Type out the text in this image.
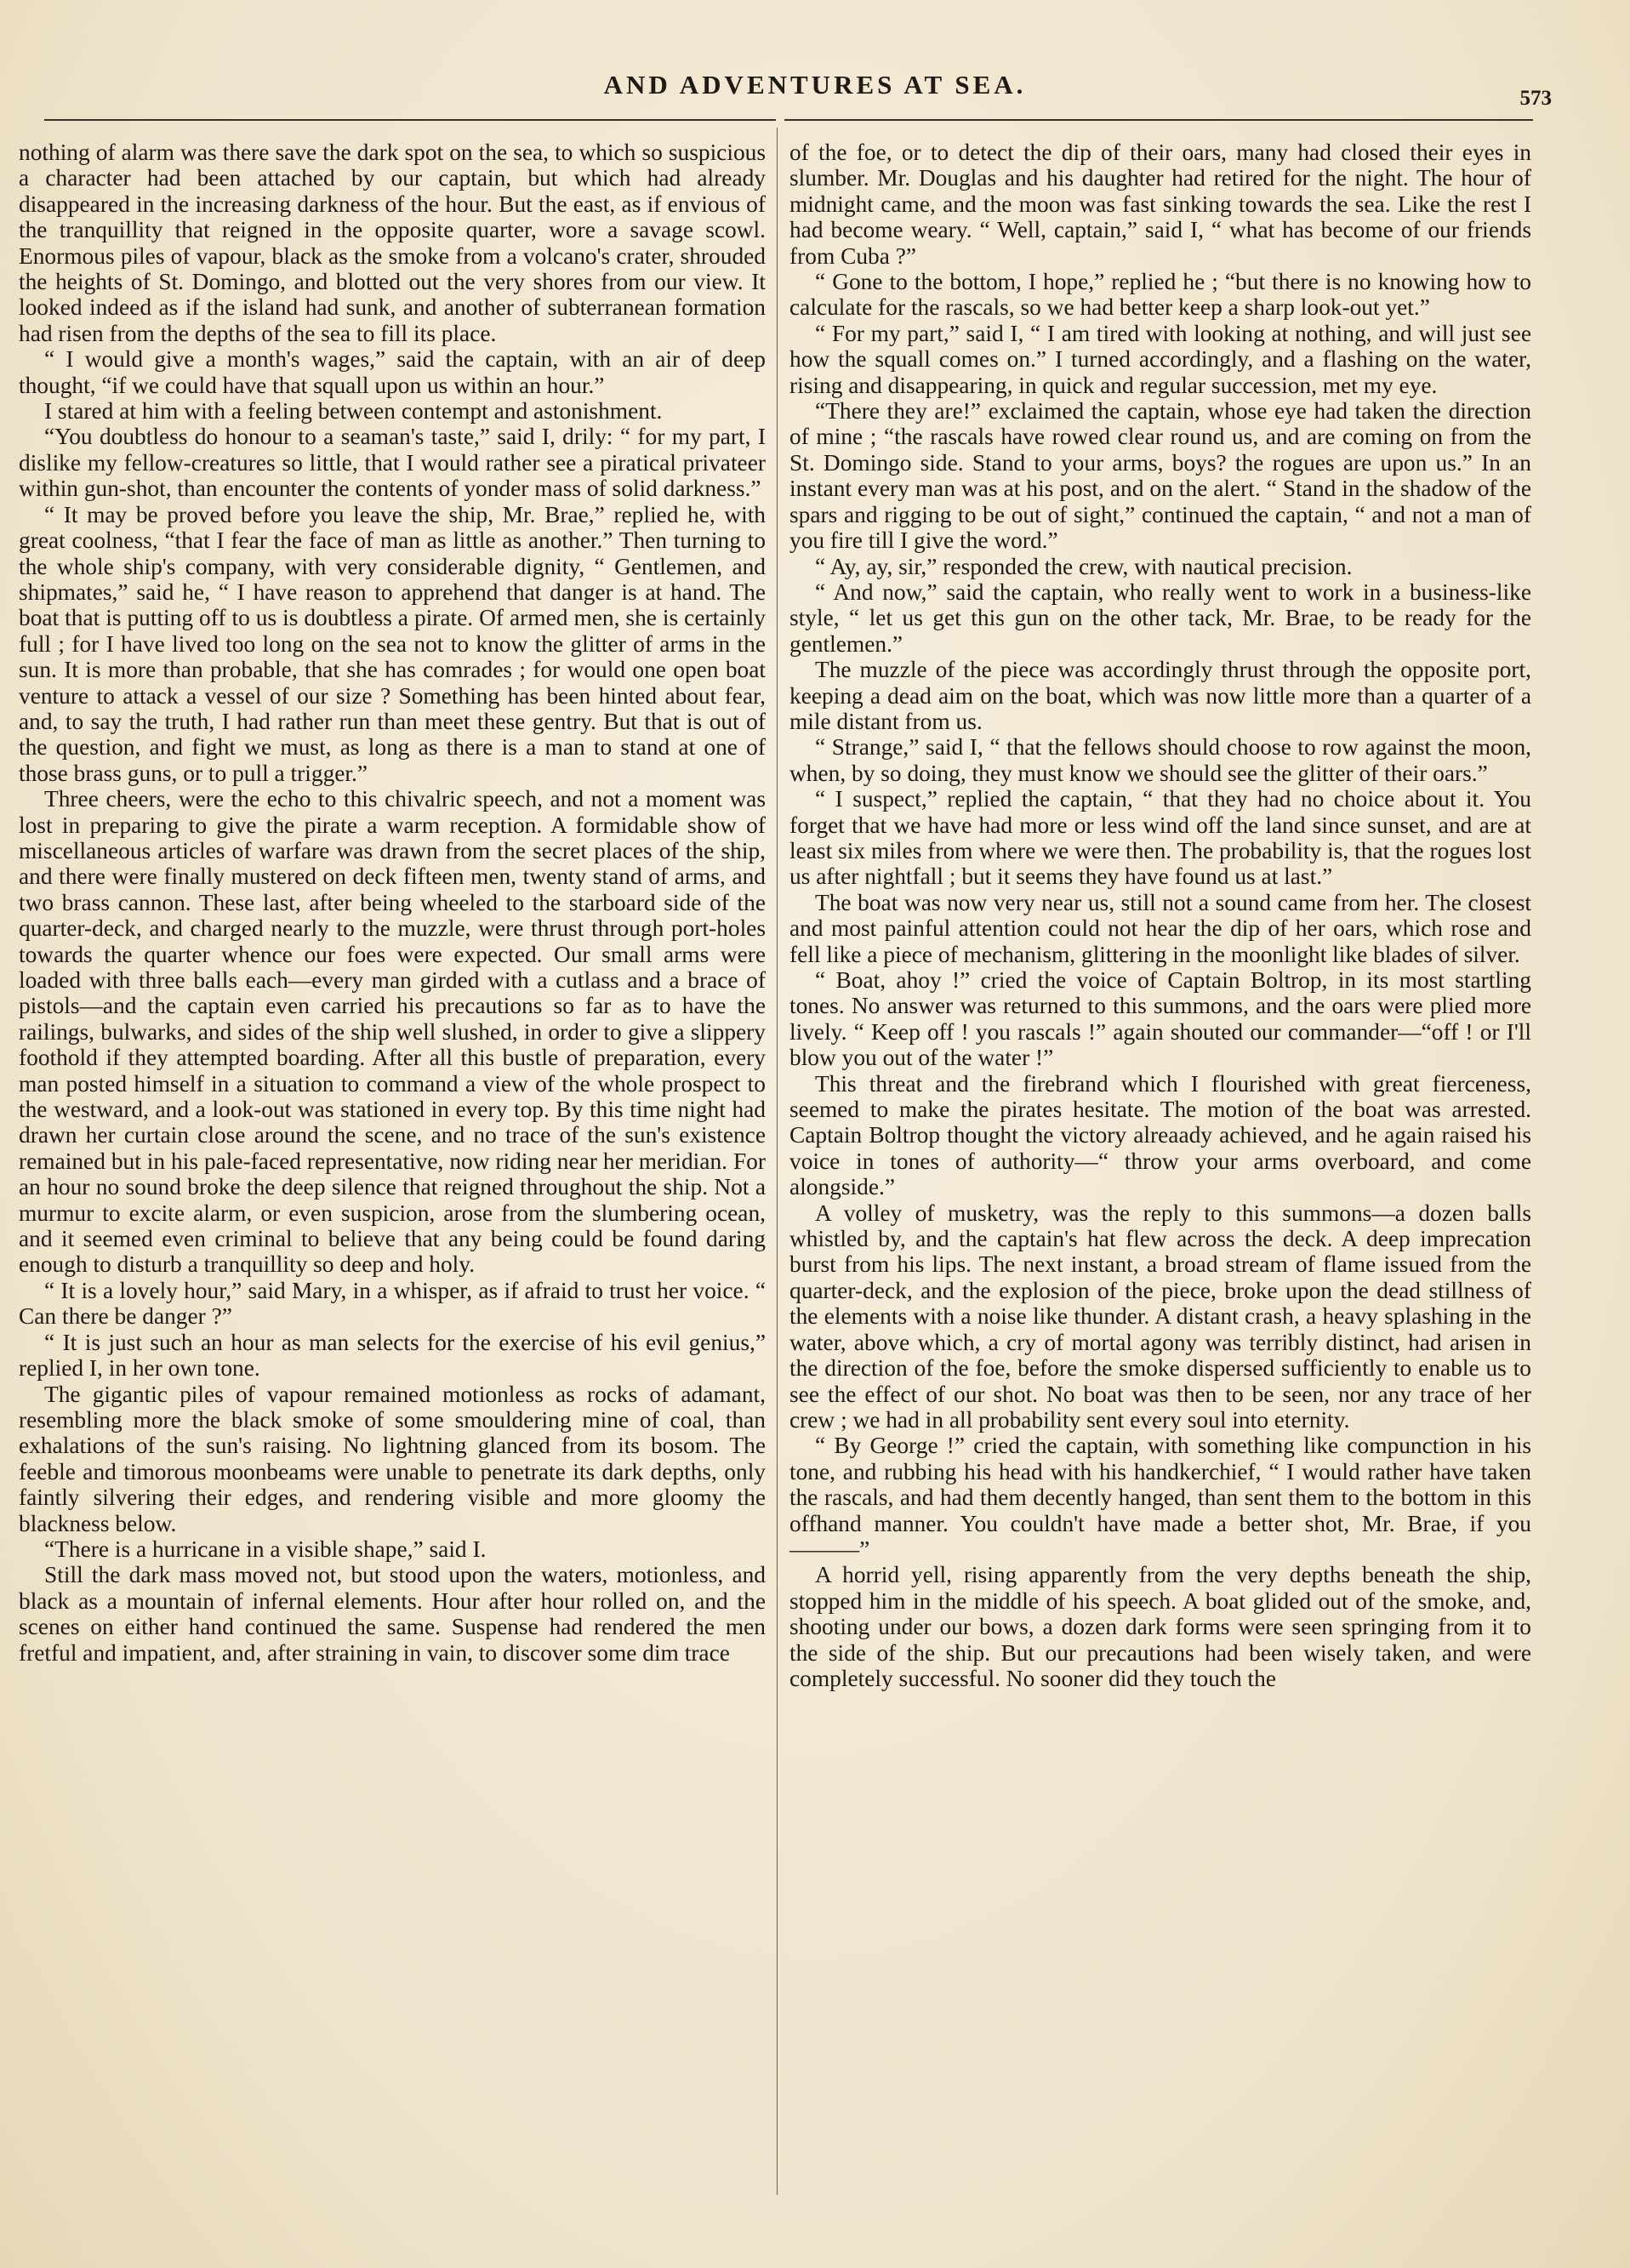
AND ADVENTURES AT SEA.	573

nothing of alarm was there save the dark spot on the sea, to which so suspicious a character had been attached by our captain, but which had already disappeared in the increasing darkness of the hour. But the east, as if envious of the tranquillity that reigned in the opposite quarter, wore a savage scowl. Enormous piles of vapour, black as the smoke from a volcano's crater, shrouded the heights of St. Domingo, and blotted out the very shores from our view. It looked indeed as if the island had sunk, and another of subterranean formation had risen from the depths of the sea to fill its place.

“ I would give a month's wages,” said the captain, with an air of deep thought, “if we could have that squall upon us within an hour.”

I stared at him with a feeling between contempt and astonishment.

“You doubtless do honour to a seaman's taste,” said I, drily: “ for my part, I dislike my fellow-creatures so little, that I would rather see a piratical privateer within gun-shot, than encounter the contents of yonder mass of solid darkness.”

“ It may be proved before you leave the ship, Mr. Brae,” replied he, with great coolness, “that I fear the face of man as little as another.” Then turning to the whole ship's company, with very considerable dignity, “ Gentlemen, and shipmates,” said he, “ I have reason to apprehend that danger is at hand. The boat that is putting off to us is doubtless a pirate. Of armed men, she is certainly full ; for I have lived too long on the sea not to know the glitter of arms in the sun. It is more than probable, that she has comrades ; for would one open boat venture to attack a vessel of our size ? Something has been hinted about fear, and, to say the truth, I had rather run than meet these gentry. But that is out of the question, and fight we must, as long as there is a man to stand at one of those brass guns, or to pull a trigger.”

Three cheers, were the echo to this chivalric speech, and not a moment was lost in preparing to give the pirate a warm reception. A formidable show of miscellaneous articles of warfare was drawn from the secret places of the ship, and there were finally mustered on deck fifteen men, twenty stand of arms, and two brass cannon. These last, after being wheeled to the starboard side of the quarter-deck, and charged nearly to the muzzle, were thrust through port-holes towards the quarter whence our foes were expected. Our small arms were loaded with three balls each—every man girded with a cutlass and a brace of pistols—and the captain even carried his precautions so far as to have the railings, bulwarks, and sides of the ship well slushed, in order to give a slippery foothold if they attempted boarding. After all this bustle of preparation, every man posted himself in a situation to command a view of the whole prospect to the westward, and a look-out was stationed in every top. By this time night had drawn her curtain close around the scene, and no trace of the sun's existence remained but in his pale-faced representative, now riding near her meridian. For an hour no sound broke the deep silence that reigned throughout the ship. Not a murmur to excite alarm, or even suspicion, arose from the slumbering ocean, and it seemed even criminal to believe that any being could be found daring enough to disturb a tranquillity so deep and holy.

“ It is a lovely hour,” said Mary, in a whisper, as if afraid to trust her voice. “ Can there be danger ?”

“ It is just such an hour as man selects for the exercise of his evil genius,” replied I, in her own tone.

The gigantic piles of vapour remained motionless as rocks of adamant, resembling more the black smoke of some smouldering mine of coal, than exhalations of the sun's raising. No lightning glanced from its bosom. The feeble and timorous moonbeams were unable to penetrate its dark depths, only faintly silvering their edges, and rendering visible and more gloomy the blackness below.

“There is a hurricane in a visible shape,” said I.

Still the dark mass moved not, but stood upon the waters, motionless, and black as a mountain of infernal elements. Hour after hour rolled on, and the scenes on either hand continued the same. Suspense had rendered the men fretful and impatient, and, after straining in vain, to discover some dim trace

of the foe, or to detect the dip of their oars, many had closed their eyes in slumber. Mr. Douglas and his daughter had retired for the night. The hour of midnight came, and the moon was fast sinking towards the sea. Like the rest I had become weary. “ Well, captain,” said I, “ what has become of our friends from Cuba ?”

“ Gone to the bottom, I hope,” replied he ; “but there is no knowing how to calculate for the rascals, so we had better keep a sharp look-out yet.”

“ For my part,” said I, “ I am tired with looking at nothing, and will just see how the squall comes on.” I turned accordingly, and a flashing on the water, rising and disappearing, in quick and regular succession, met my eye.

“There they are!” exclaimed the captain, whose eye had taken the direction of mine ; “the rascals have rowed clear round us, and are coming on from the St. Domingo side. Stand to your arms, boys? the rogues are upon us.” In an instant every man was at his post, and on the alert. “ Stand in the shadow of the spars and rigging to be out of sight,” continued the captain, “ and not a man of you fire till I give the word.”

“ Ay, ay, sir,” responded the crew, with nautical precision.

“ And now,” said the captain, who really went to work in a business-like style, “ let us get this gun on the other tack, Mr. Brae, to be ready for the gentlemen.”

The muzzle of the piece was accordingly thrust through the opposite port, keeping a dead aim on the boat, which was now little more than a quarter of a mile distant from us.

“ Strange,” said I, “ that the fellows should choose to row against the moon, when, by so doing, they must know we should see the glitter of their oars.”

“ I suspect,” replied the captain, “ that they had no choice about it. You forget that we have had more or less wind off the land since sunset, and are at least six miles from where we were then. The probability is, that the rogues lost us after nightfall ; but it seems they have found us at last.”

The boat was now very near us, still not a sound came from her. The closest and most painful attention could not hear the dip of her oars, which rose and fell like a piece of mechanism, glittering in the moonlight like blades of silver.

“ Boat, ahoy !” cried the voice of Captain Boltrop, in its most startling tones. No answer was returned to this summons, and the oars were plied more lively. “ Keep off ! you rascals !” again shouted our commander—“off ! or I'll blow you out of the water !”

This threat and the firebrand which I flourished with great fierceness, seemed to make the pirates hesitate. The motion of the boat was arrested. Captain Boltrop thought the victory alreaady achieved, and he again raised his voice in tones of authority—“ throw your arms overboard, and come alongside.”

A volley of musketry, was the reply to this summons—a dozen balls whistled by, and the captain's hat flew across the deck. A deep imprecation burst from his lips. The next instant, a broad stream of flame issued from the quarter-deck, and the explosion of the piece, broke upon the dead stillness of the elements with a noise like thunder. A distant crash, a heavy splashing in the water, above which, a cry of mortal agony was terribly distinct, had arisen in the direction of the foe, before the smoke dispersed sufficiently to enable us to see the effect of our shot. No boat was then to be seen, nor any trace of her crew ; we had in all probability sent every soul into eternity.

“ By George !” cried the captain, with something like compunction in his tone, and rubbing his head with his handkerchief, “ I would rather have taken the rascals, and had them decently hanged, than sent them to the bottom in this offhand manner. You couldn't have made a better shot, Mr. Brae, if you ———”

A horrid yell, rising apparently from the very depths beneath the ship, stopped him in the middle of his speech. A boat glided out of the smoke, and, shooting under our bows, a dozen dark forms were seen springing from it to the side of the ship. But our precautions had been wisely taken, and were completely successful. No sooner did they touch the
